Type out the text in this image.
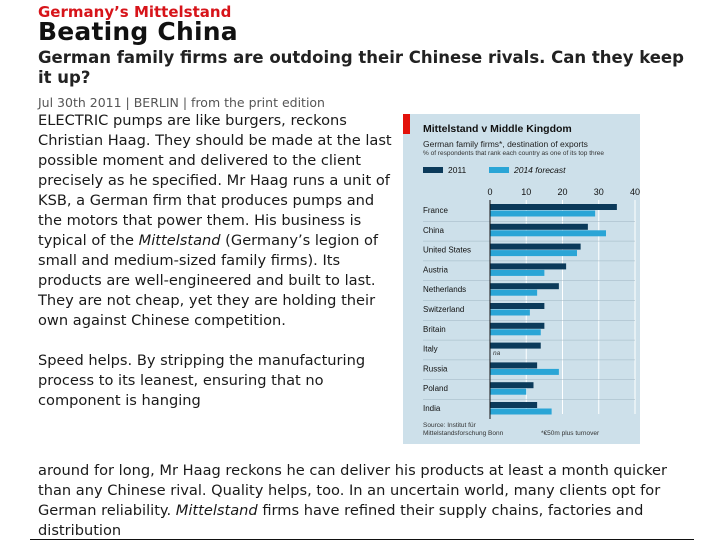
Germany’s Mittelstand
Beating China
German family firms are outdoing their Chinese rivals. Can they keep it up?
Jul 30th 2011 | BERLIN | from the print edition

ELECTRIC pumps are like burgers, reckons Christian Haag. They should be made at the last possible moment and delivered to the client precisely as he specified. Mr Haag runs a unit of KSB, a German firm that produces pumps and the motors that power them. His business is typical of the Mittelstand (Germany’s legion of small and medium-sized family firms). Its products are well-engineered and built to last. They are not cheap, yet they are holding their own against Chinese competition.

Speed helps. By stripping the manufacturing process to its leanest, ensuring that no component is hanging

around for long, Mr Haag reckons he can deliver his products at least a month quicker than any Chinese rival. Quality helps, too. In an uncertain world, many clients opt for German reliability. Mittelstand firms have refined their supply chains, factories and distribution
Mittelstand v Middle Kingdom
German family firms*, destination of exports
% of respondents that rank each country as one of its top three
2011	2014 forecast
0	10	20	30	40
France
China
United States
Austria
Netherlands
Switzerland
Britain
Italy	na
Russia
Poland
India
Source: Institut für Mittelstandsforschung Bonn	*€50m plus turnover
